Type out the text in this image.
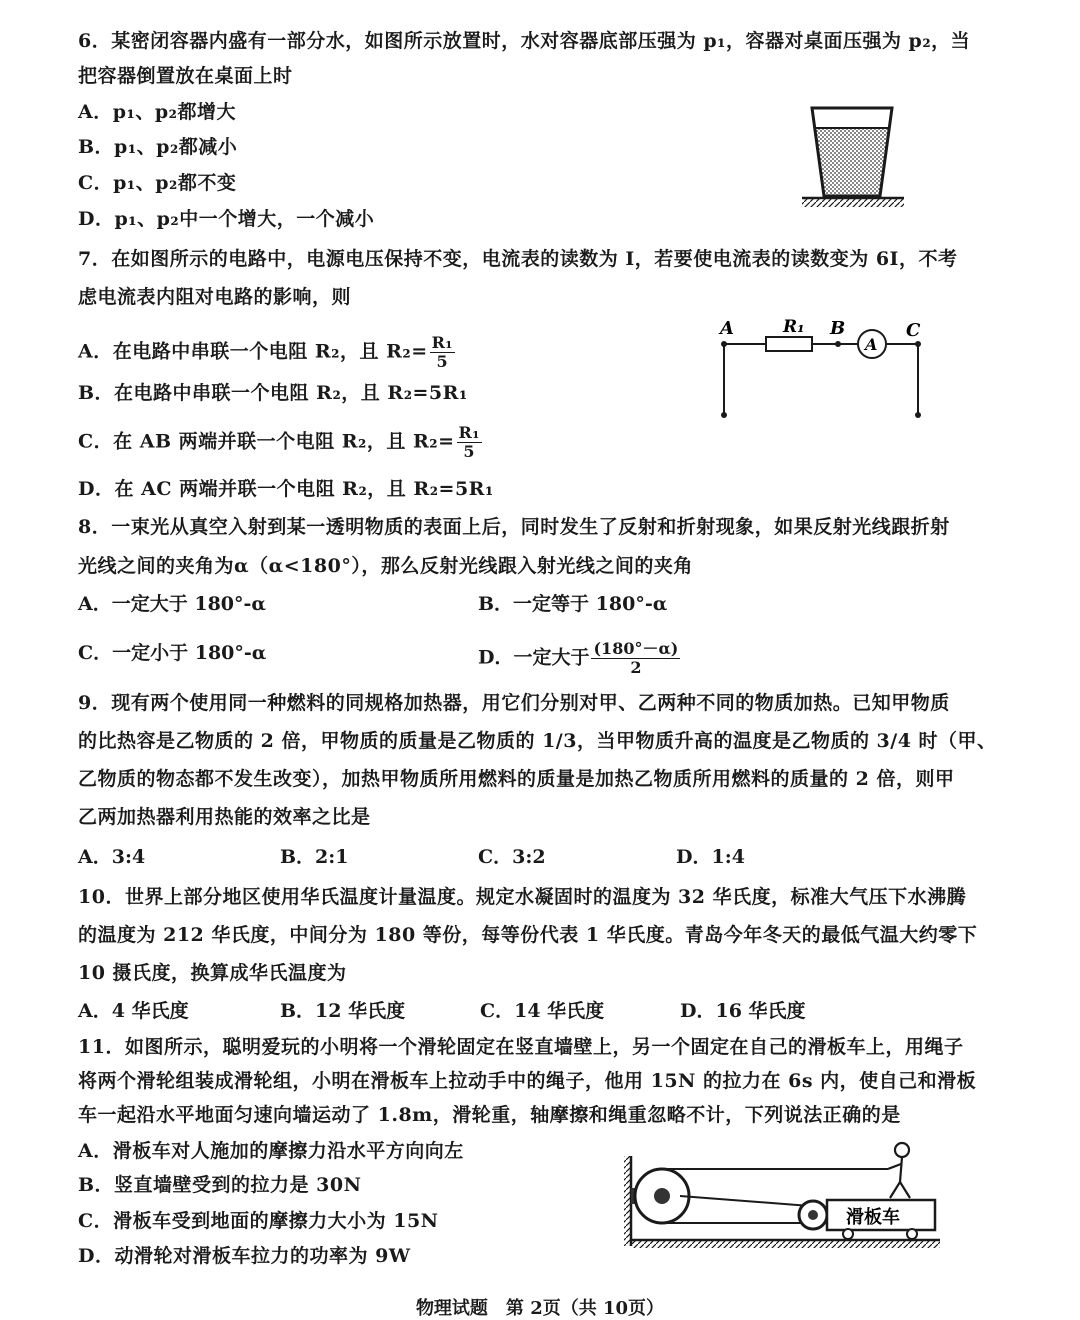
6．某密闭容器内盛有一部分水，如图所示放置时，水对容器底部压强为 p₁，容器对桌面压强为 p₂，当
把容器倒置放在桌面上时
A．p₁、p₂都增大
B．p₁、p₂都减小
C．p₁、p₂都不变
D．p₁、p₂中一个增大，一个减小
7．在如图所示的电路中，电源电压保持不变，电流表的读数为 I，若要使电流表的读数变为 6I，不考
虑电流表内阻对电路的影响，则
A．在电路中串联一个电阻 R₂，且 $R_2= \frac{\text{R₁}}{5}$
B．在电路中串联一个电阻 R₂，且 R₂=5R₁
C．在 AB 两端并联一个电阻 R₂，且 $R_2= \frac{\text{R₁}}{5}$
D．在 AC 两端并联一个电阻 R₂，且 R₂=5R₁
A	R₁ B	C
A
8．一束光从真空入射到某一透明物质的表面上后，同时发生了反射和折射现象，如果反射光线跟折射
光线之间的夹角为α（α<180°），那么反射光线跟入射光线之间的夹角
A．一定大于 180°-α	B．一定等于 180°-α
C．一定小于 180°-α	D．一定大于 $\frac{(180^\circ-\alpha)}{2}$
9．现有两个使用同一种燃料的同规格加热器，用它们分别对甲、乙两种不同的物质加热。已知甲物质
的比热容是乙物质的 2 倍，甲物质的质量是乙物质的 1/3，当甲物质升高的温度是乙物质的 3/4 时（甲、
乙物质的物态都不发生改变），加热甲物质所用燃料的质量是加热乙物质所用燃料的质量的 2 倍，则甲
乙两加热器利用热能的效率之比是
A．3:4	B．2:1	C．3:2	D．1:4
10．世界上部分地区使用华氏温度计量温度。规定水凝固时的温度为 32 华氏度，标准大气压下水沸腾
的温度为 212 华氏度，中间分为 180 等份，每等份代表 1 华氏度。青岛今年冬天的最低气温大约零下
10 摄氏度，换算成华氏温度为
A．4 华氏度	B．12 华氏度	C．14 华氏度	D．16 华氏度
11．如图所示，聪明爱玩的小明将一个滑轮固定在竖直墙壁上，另一个固定在自己的滑板车上，用绳子
将两个滑轮组装成滑轮组，小明在滑板车上拉动手中的绳子，他用 15N 的拉力在 6s 内，使自己和滑板
车一起沿水平地面匀速向墙运动了 1.8m，滑轮重，轴摩擦和绳重忽略不计，下列说法正确的是
A．滑板车对人施加的摩擦力沿水平方向向左
B．竖直墙壁受到的拉力是 30N
C．滑板车受到地面的摩擦力大小为 15N
D．动滑轮对滑板车拉力的功率为 9W
滑板车
物理试题　第 2页（共 10页）
